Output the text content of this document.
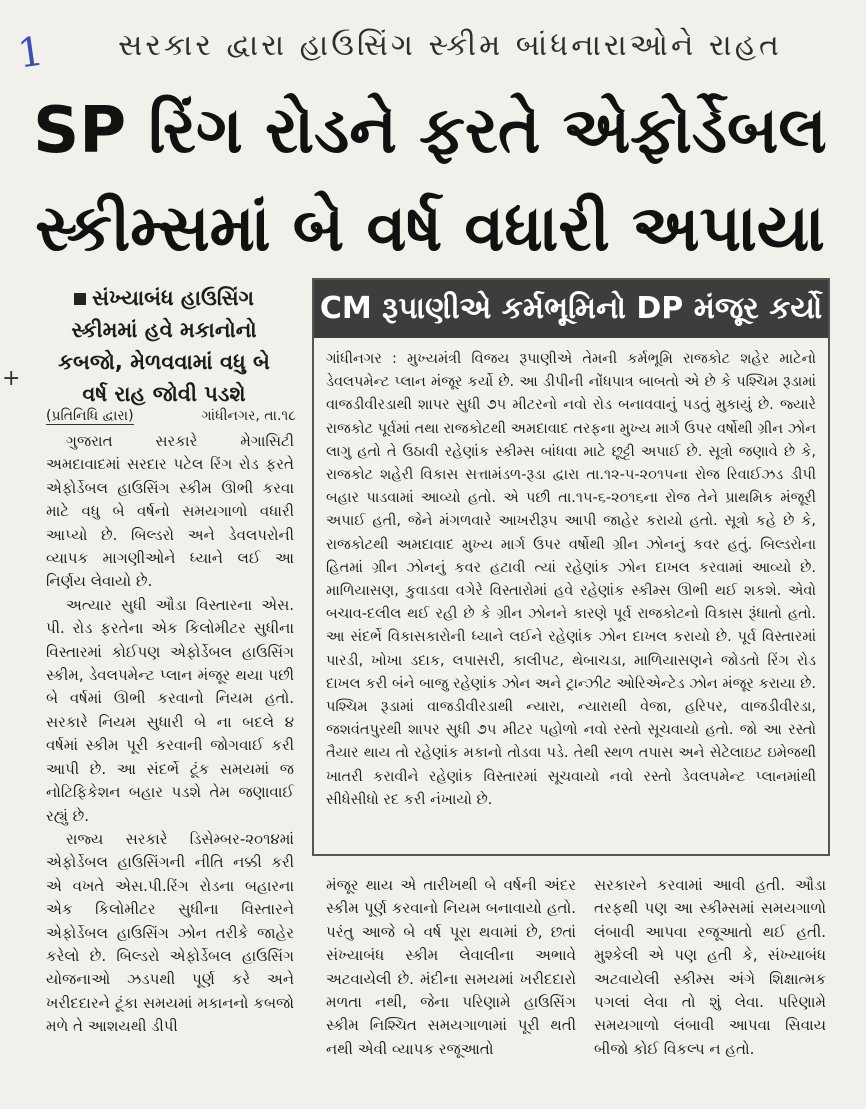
1
+
સરકાર દ્વારા હાઉસિંગ સ્કીમ બાંધનારાઓને રાહત
SP રિંગ રોડને ફરતે એફોર્ડેબલ
સ્કીમ્સમાં બે વર્ષ વધારી અપાયા
સંખ્યાબંધ હાઉસિંગ સ્કીમમાં હવે મકાનોનો કબજો, મેળવવામાં વધુ બે વર્ષ રાહ જોવી પડશે
(પ્રતિનિધિ દ્વારા)	ગાંધીનગર, તા.૧૮

ગુજરાત સરકારે મેગાસિટી અમદાવાદમાં સરદાર પટેલ રિંગ રોડ ફરતે એફોર્ડેબલ હાઉસિંગ સ્કીમ ઊભી કરવા માટે વધુ બે વર્ષનો સમયગાળો વધારી આપ્યો છે. બિલ્ડરો અને ડેવલપરોની વ્યાપક માગણીઓને ધ્યાને લઈ આ નિર્ણય લેવાયો છે.

અત્યાર સુધી ઔડા વિસ્તારના એસ. પી. રોડ ફરતેના એક કિલોમીટર સુધીના વિસ્તારમાં કોઈપણ એફોર્ડેબલ હાઉસિંગ સ્કીમ, ડેવલપમેન્ટ પ્લાન મંજૂર થયા પછી બે વર્ષમાં ઊભી કરવાનો નિયમ હતો. સરકારે નિયમ સુધારી બે ના બદલે ૪ વર્ષમાં સ્કીમ પૂરી કરવાની જોગવાઈ કરી આપી છે. આ સંદર્ભે ટૂંક સમયમાં જ નોટિફિકેશન બહાર પડશે તેમ જણાવાઈ રહ્યું છે.

રાજ્ય સરકારે ડિસેમ્બર-૨૦૧૪માં એફોર્ડેબલ હાઉસિંગની નીતિ નક્કી કરી એ વખતે એસ.પી.રિંગ રોડના બહારના એક કિલોમીટર સુધીના વિસ્તારને એફોર્ડેબલ હાઉસિંગ ઝોન તરીકે જાહેર કરેલો છે. બિલ્ડરો એફોર્ડેબલ હાઉસિંગ યોજનાઓ ઝડપથી પૂર્ણ કરે અને ખરીદદારને ટૂંકા સમયમાં મકાનનો કબજો મળે તે આશયથી ડીપી

CM રૂપાણીએ કર્મભૂમિનો DP મંજૂર કર્યો

ગાંધીનગર : મુખ્યમંત્રી વિજય રૂપાણીએ તેમની કર્મભૂમિ રાજકોટ શહેર માટેનો ડેવલપમેન્ટ પ્લાન મંજૂર કર્યો છે. આ ડીપીની નોંધપાત્ર બાબતો એ છે કે પશ્ચિમ રૂડામાં વાજડીવીરડાથી શાપર સુધી ૭૫ મીટરનો નવો રોડ બનાવવાનું પડતું મુકાયું છે. જ્યારે રાજકોટ પૂર્વમાં તથા રાજકોટથી અમદાવાદ તરફના મુખ્ય માર્ગ ઉપર વર્ષોથી ગ્રીન ઝોન લાગુ હતો તે ઉઠાવી રહેણાંક સ્કીમ્સ બાંધવા માટે છૂટ્ટી અપાઈ છે. સૂત્રો જણાવે છે કે, રાજકોટ શહેરી વિકાસ સત્તામંડળ-રૂડા દ્વારા તા.૧૨-૫-૨૦૧૫ના રોજ રિવાઈઝડ ડીપી બહાર પાડવામાં આવ્યો હતો. એ પછી તા.૧૫-૬-૨૦૧૬ના રોજ તેને પ્રાથમિક મંજૂરી અપાઈ હતી, જેને મંગળવારે આખરીરૂપ આપી જાહેર કરાયો હતો. સૂત્રો કહે છે કે, રાજકોટથી અમદાવાદ મુખ્ય માર્ગ ઉપર વર્ષોથી ગ્રીન ઝોનનું કવર હતું. બિલ્ડરોના હિતમાં ગ્રીન ઝોનનું કવર હટાવી ત્યાં રહેણાંક ઝોન દાખલ કરવામાં આવ્યો છે. માળિયાસણ, કુવાડવા વગેરે વિસ્તારોમાં હવે રહેણાંક સ્કીમ્સ ઊભી થઈ શકશે. એવો બચાવ-દલીલ થઈ રહી છે કે ગ્રીન ઝોનને કારણે પૂર્વ રાજકોટનો વિકાસ રૂંધાતો હતો. આ સંદર્ભે વિકાસકારોની ધ્યાને લઈને રહેણાંક ઝોન દાખલ કરાયો છે. પૂર્વ વિસ્તારમાં પારડી, ખોખા ડદાક, લપાસરી, કાલીપટ, થેબાચડા, માળિયાસણને જોડતો રિંગ રોડ દાખલ કરી બંને બાજુ રહેણાંક ઝોન અને ટ્રાન્ઝીટ ઓરિએન્ટેડ ઝોન મંજૂર કરાયા છે. પશ્ચિમ રૂડામાં વાજડીવીરડાથી ન્યારા, ન્યારાથી વેજા, હરિપર, વાજડીવીરડા, જશવંતપુરથી શાપર સુધી ૭૫ મીટર પહોળો નવો રસ્તો સૂચવાયો હતો. જો આ રસ્તો તૈયાર થાય તો રહેણાંક મકાનો તોડવા પડે. તેથી સ્થળ તપાસ અને સેટેલાઇટ ઇમેજથી ખાતરી કરાવીને રહેણાંક વિસ્તારમાં સૂચવાયો નવો રસ્તો ડેવલપમેન્ટ પ્લાનમાંથી સીધેસીધો રદ કરી નંખાયો છે.

મંજૂર થાય એ તારીખથી બે વર્ષની અંદર સ્કીમ પૂર્ણ કરવાનો નિયમ બનાવાયો હતો. પરંતુ આજે બે વર્ષ પૂરા થવામાં છે, છતાં સંખ્યાબંધ સ્કીમ લેવાલીના અભાવે અટવાયેલી છે. મંદીના સમયમાં ખરીદદારો મળતા નથી, જેના પરિણામે હાઉસિંગ સ્કીમ નિશ્ચિત સમયગાળામાં પૂરી થતી નથી એવી વ્યાપક રજૂઆતો

સરકારને કરવામાં આવી હતી. ઔડા તરફથી પણ આ સ્કીમ્સમાં સમયગાળો લંબાવી આપવા રજૂઆતો થઈ હતી. મુશ્કેલી એ પણ હતી કે, સંખ્યાબંધ અટવાયેલી સ્કીમ્સ અંગે શિક્ષાત્મક પગલાં લેવા તો શું લેવા. પરિણામે સમયગાળો લંબાવી આપવા સિવાય બીજો કોઈ વિકલ્પ ન હતો.
